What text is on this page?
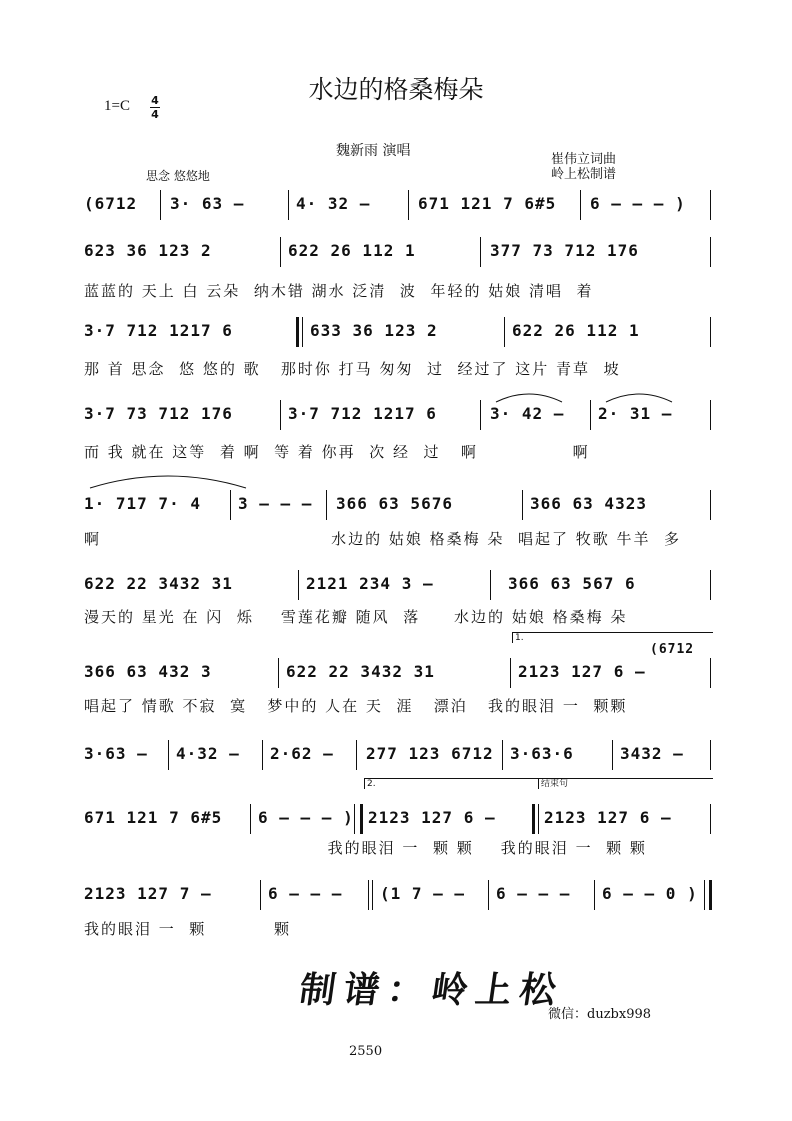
水边的格桑梅朵
1=C 4
4
魏新雨 演唱
崔伟立词曲
岭上松制谱
思念 悠悠地
(6712 3· 63 –	4· 32 –	671 121 7 6#5 6 – – – )
623 36 123 2	622 26 112 1	377 73 712 176
蓝蓝的 天上 白 云朵  纳木错 湖水 泛清  波  年轻的 姑娘 清唱  着
3·7 712 1217 6	633 36 123 2	622 26 112 1
那 首 思念  悠 悠的 歌   那时你 打马 匆匆  过  经过了 这片 青草  坡
3·7 73 712 176	3·7 712 1217 6	3· 42 – 2· 31 –
而 我 就在 这等  着 啊  等 着 你再  次 经  过   啊              啊
1· 717 7· 4 3 – – – 366 63 5676	366 63 4323
啊                                  水边的 姑娘 格桑梅 朵  唱起了 牧歌 牛羊  多
622 22 3432 31	2121 234 3 –	366 63 567 6
漫天的 星光 在 闪  烁    雪莲花瓣 随风  落     水边的 姑娘 格桑梅 朵
1.
366 63 432 3	622 22 3432 31	2123 127 6 –
(6712
唱起了 情歌 不寂  寞   梦中的 人在 天  涯   漂泊   我的眼泪 一  颗颗
3·63 – 4·32 – 2·62 – 277 123 6712 3·63·6	3432 –
2.	结束句
671 121 7 6#5 6 – – – ) 2123 127 6 –	2123 127 6 –
我的眼泪 一  颗 颗    我的眼泪 一  颗 颗
2123 127 7 –	6 – – – (1 7 – – 6 – – – 6 – – 0 )
我的眼泪 一  颗          颗
制谱：岭上松
微信：duzbx998
2550
